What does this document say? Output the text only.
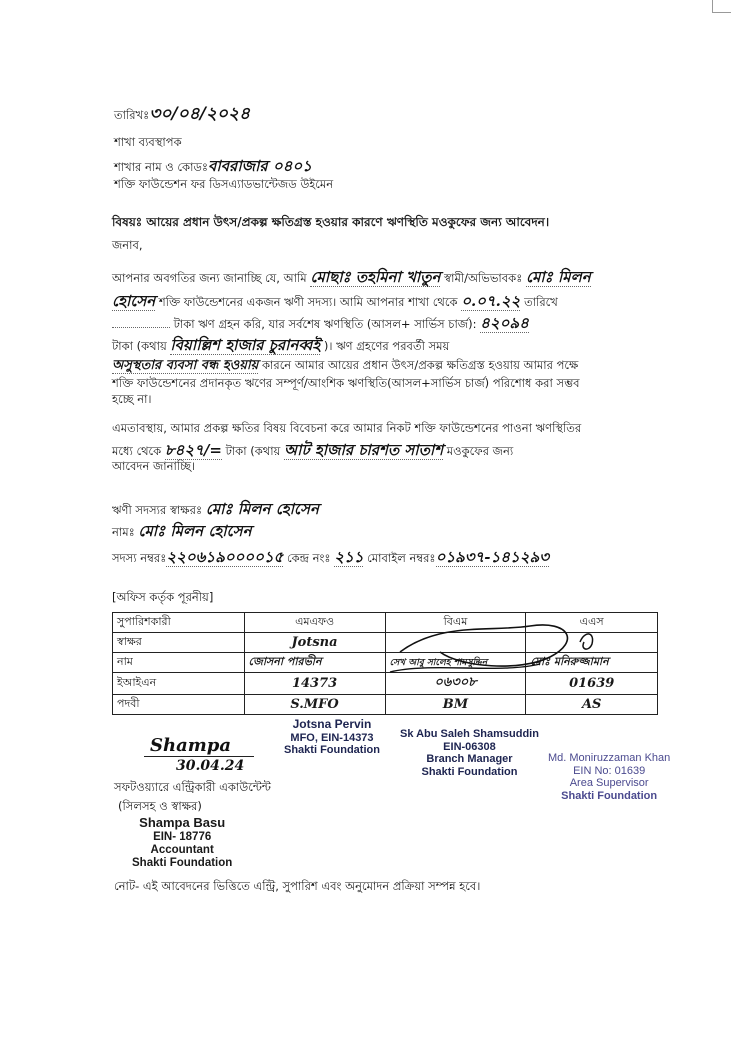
তারিখঃ৩০/০৪/২০২৪
শাখা ব্যবস্থাপক
শাখার নাম ও কোডঃবাবরাজার ০৪০১
শক্তি ফাউন্ডেশন ফর ডিসএ্যাডভান্টেজড উইমেন
বিষয়ঃ আয়ের প্রধান উৎস/প্রকল্প ক্ষতিগ্রস্ত হওয়ার কারণে ঋণস্থিতি মওকুফের জন্য আবেদন।
জনাব,
আপনার অবগতির জন্য জানাচ্ছি যে, আমি মোছাঃ তহমিনা খাতুন স্বামী/অভিভাবকঃ মোঃ মিলন
হোসেন শক্তি ফাউন্ডেশনের একজন ঋণী সদস্য। আমি আপনার শাখা থেকে ০.০৭.২২ তারিখে
টাকা ঋণ গ্রহন করি, যার সর্বশেষ ঋণস্থিতি (আসল+ সার্ভিস চার্জ): ৪২০৯৪
টাকা (কথায় বিয়াল্লিশ হাজার চুরানব্বই )। ঋণ গ্রহণের পরবর্তী সময়
অসুস্থতার ব্যবসা বন্ধ হওয়ায় কারনে আমার আয়ের প্রধান উৎস/প্রকল্প ক্ষতিগ্রস্ত হওয়ায় আমার পক্ষে
শক্তি ফাউন্ডেশনের প্রদানকৃত ঋণের সম্পূর্ণ/আংশিক ঋণস্থিতি(আসল+সার্ভিস চার্জ) পরিশোধ করা সম্ভব
হচ্ছে না।
এমতাবস্থায়, আমার প্রকল্প ক্ষতির বিষয় বিবেচনা করে আমার নিকট শক্তি ফাউন্ডেশনের পাওনা ঋণস্থিতির
মধ্যে থেকে ৮৪২৭/= টাকা (কথায় আট হাজার চারশত সাতাশ মওকুফের জন্য
আবেদন জানাচ্ছি।
ঋণী সদস্যর স্বাক্ষরঃ মোঃ মিলন হোসেন
নামঃ মোঃ মিলন হোসেন
সদস্য নম্বরঃ২২০৬১৯০০০০১৫ কেন্দ্র নংঃ ২১১ মোবাইল নম্বরঃ০১৯৩৭-১৪১২৯৩
[অফিস কর্তৃক পূরনীয়]
সুপারিশকারী	এমএফও	বিএম	এএস
স্বাক্ষর	Jotsna		
নাম	জোসনা পারভীন	সেখ আবু সালেহ শামসুদ্দিন	মোঃ মনিরুজ্জামান
ইআইএন	14373	০৬৩০৮	01639
পদবী	S.MFO	BM	AS
Jotsna Pervin
MFO, EIN-14373
Shakti Foundation
Sk Abu Saleh Shamsuddin
EIN-06308
Branch Manager
Shakti Foundation
Md. Moniruzzaman Khan
EIN No: 01639
Area Supervisor
Shakti Foundation
Shampa
30.04.24
সফটওয়্যারে এন্ট্রিকারী একাউন্টেন্ট
(সিলসহ ও স্বাক্ষর)
Shampa Basu
EIN- 18776
Accountant
Shakti Foundation
নোট- এই আবেদনের ভিত্তিতে এন্ট্রি, সুপারিশ এবং অনুমোদন প্রক্রিয়া সম্পন্ন হবে।
